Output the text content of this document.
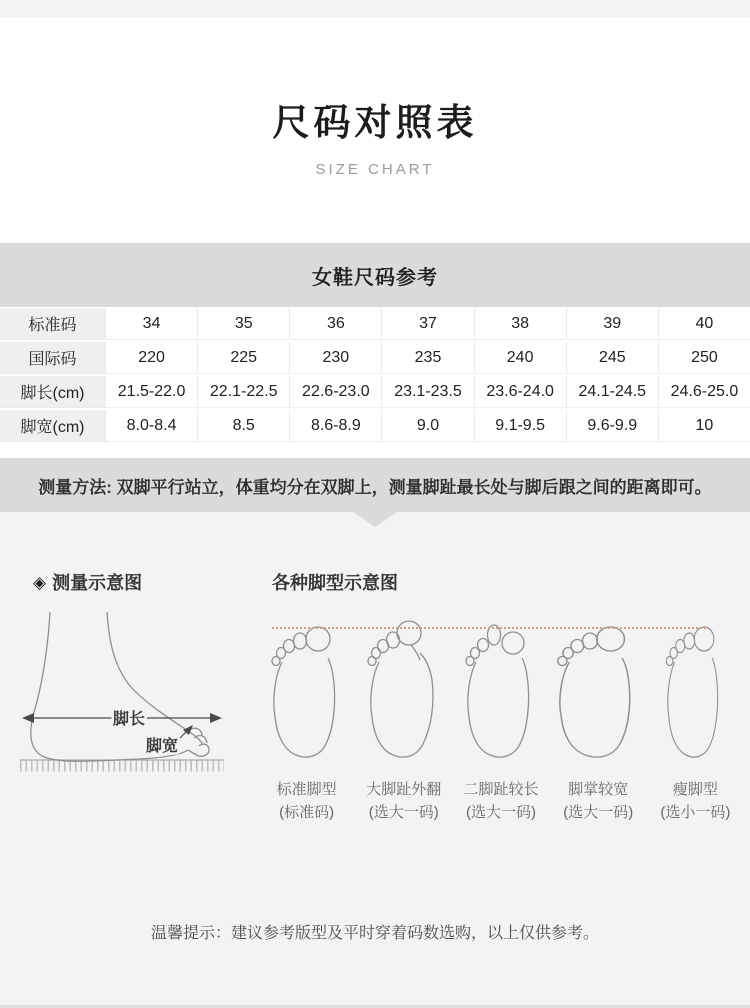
尺码对照表
SIZE CHART
女鞋尺码参考
标准码	34	35	36	37	38	39	40
国际码	220	225	230	235	240	245	250
脚长(cm)	21.5-22.0	22.1-22.5	22.6-23.0	23.1-23.5	23.6-24.0	24.1-24.5	24.6-25.0
脚宽(cm)	8.0-8.4	8.5	8.6-8.9	9.0	9.1-9.5	9.6-9.9	10
测量方法: 双脚平行站立，体重均分在双脚上，测量脚趾最长处与脚后跟之间的距离即可。
◈ 测量示意图	各种脚型示意图
脚长
脚宽
标准脚型
(标准码)
大脚趾外翻
(选大一码)
二脚趾较长
(选大一码)
脚掌较宽
(选大一码)
瘦脚型
(选小一码)
温馨提示：建议参考版型及平时穿着码数选购，以上仅供参考。
